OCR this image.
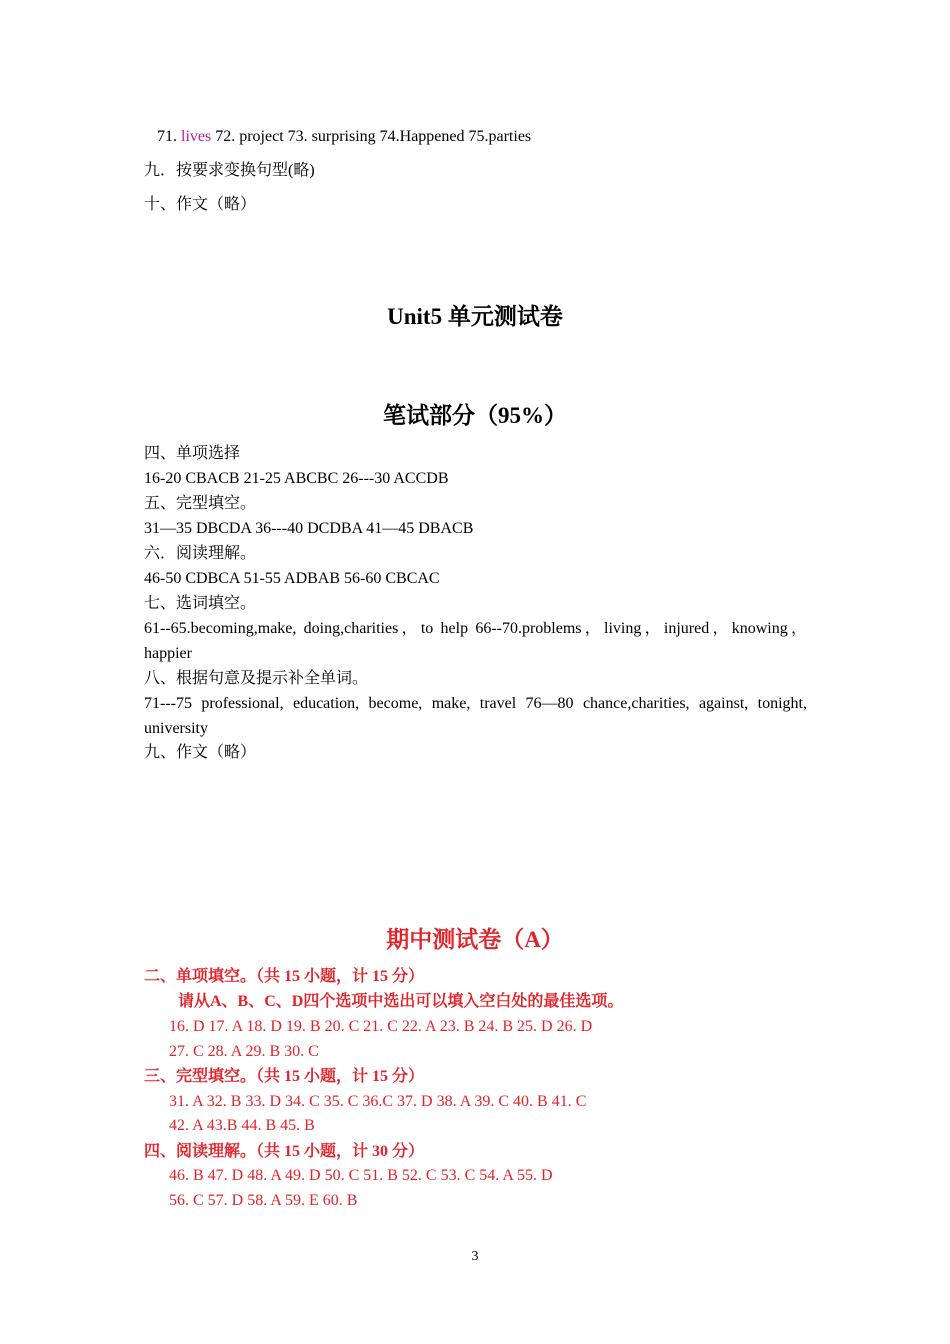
71. lives 72. project 73. surprising 74.Happened 75.parties
九．按要求变换句型(略)
十、作文（略）
Unit5 单元测试卷
笔试部分（95%）
四、单项选择
16-20 CBACB 21-25 ABCBC 26---30 ACCDB
五、完型填空。
31—35 DBCDA 36---40 DCDBA 41—45 DBACB
六．阅读理解。
46-50 CDBCA 51-55 ADBAB 56-60 CBCAC
七、选词填空。
61--65.becoming,make, doing,charities，to help 66--70.problems，living，injured，knowing，
happier
八、根据句意及提示补全单词。
71---75 professional, education, become, make, travel 76—80 chance,charities, against, tonight,
university
九、作文（略）
期中测试卷（A）
二、单项填空。（共 15 小题，计 15 分）
请从A、B、C、D四个选项中选出可以填入空白处的最佳选项。
16. D 17. A 18. D 19. B 20. C 21. C 22. A 23. B 24. B 25. D 26. D
27. C 28. A 29. B 30. C
三、完型填空。（共 15 小题，计 15 分）
31. A 32. B 33. D 34. C 35. C 36.C 37. D 38. A 39. C 40. B 41. C
42. A 43.B 44. B 45. B
四、阅读理解。（共 15 小题，计 30 分）
46. B 47. D 48. A 49. D 50. C 51. B 52. C 53. C 54. A 55. D
56. C 57. D 58. A 59. E 60. B
3
